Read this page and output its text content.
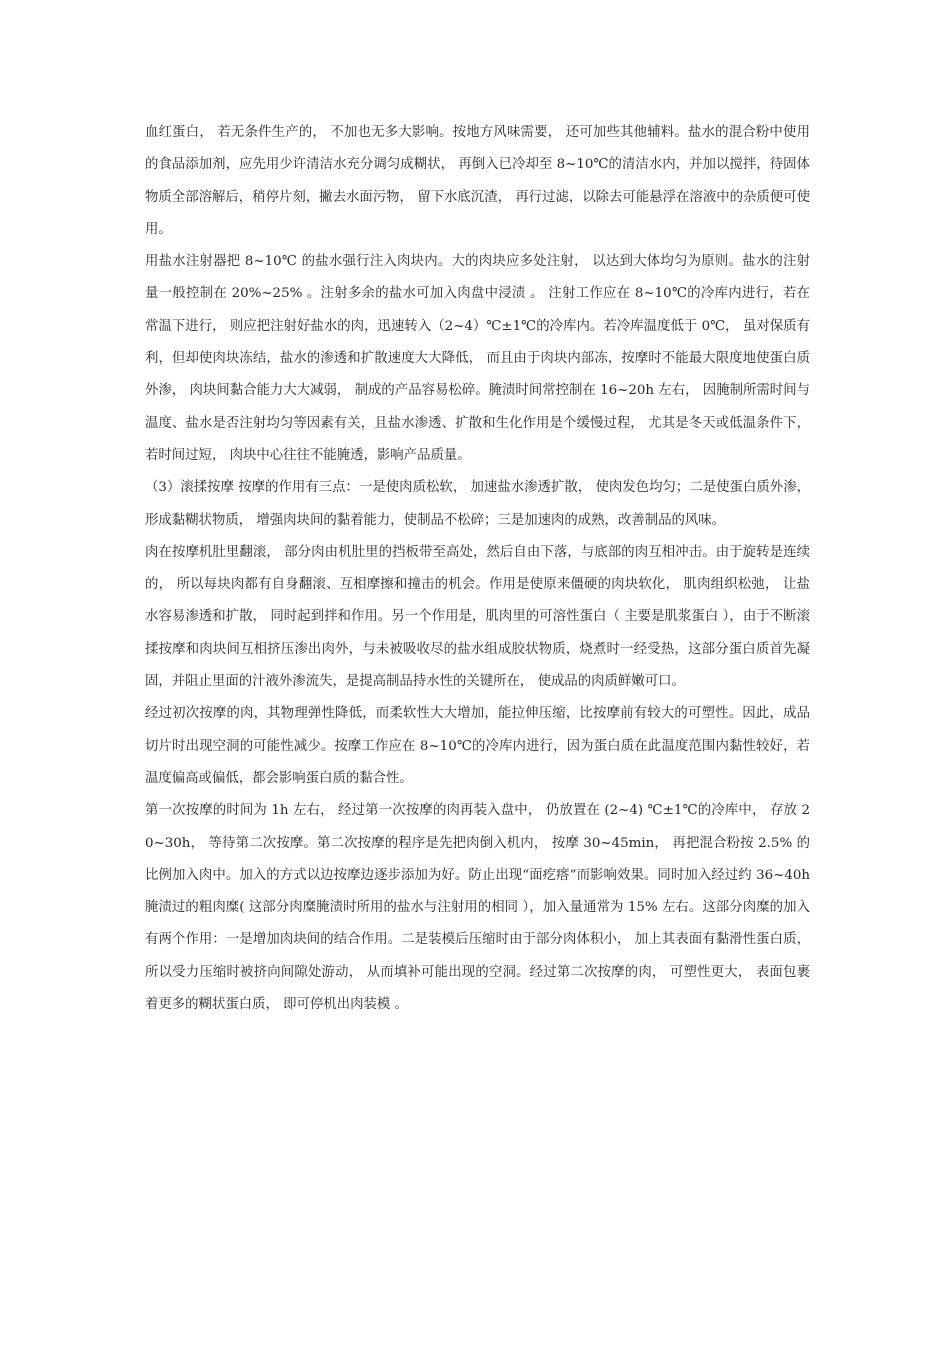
血红蛋白， 若无条件生产的， 不加也无多大影响。按地方风味需要， 还可加些其他辅料。盐水的混合粉中使用的食品添加剂，应先用少许清洁水充分调匀成糊状， 再倒入已冷却至 8~10℃的清洁水内，并加以搅拌，待固体物质全部溶解后，稍停片刻，撇去水面污物， 留下水底沉渣， 再行过滤，以除去可能悬浮在溶液中的杂质便可使用。

用盐水注射器把 8~10℃ 的盐水强行注入肉块内。大的肉块应多处注射， 以达到大体均匀为原则。盐水的注射量一般控制在 20%~25% 。注射多余的盐水可加入肉盘中浸渍 。 注射工作应在 8~10℃的冷库内进行，若在常温下进行， 则应把注射好盐水的肉，迅速转入（2~4）℃±1℃的冷库内。若冷库温度低于 0℃， 虽对保质有利，但却使肉块冻结，盐水的渗透和扩散速度大大降低， 而且由于肉块内部冻，按摩时不能最大限度地使蛋白质外渗， 肉块间黏合能力大大减弱， 制成的产品容易松碎。腌渍时间常控制在 16~20h 左右， 因腌制所需时间与温度、盐水是否注射均匀等因素有关，且盐水渗透、扩散和生化作用是个缓慢过程， 尤其是冬天或低温条件下， 若时间过短， 肉块中心往往不能腌透，影响产品质量。

（3）滚揉按摩 按摩的作用有三点：一是使肉质松软， 加速盐水渗透扩散， 使肉发色均匀；二是使蛋白质外渗，形成黏糊状物质， 增强肉块间的黏着能力，使制品不松碎；三是加速肉的成熟，改善制品的风味。

肉在按摩机肚里翻滚， 部分肉由机肚里的挡板带至高处，然后自由下落，与底部的肉互相冲击。由于旋转是连续的， 所以每块肉都有自身翻滚、互相摩擦和撞击的机会。作用是使原来僵硬的肉块软化， 肌肉组织松弛， 让盐水容易渗透和扩散， 同时起到拌和作用。另一个作用是，肌肉里的可溶性蛋白（ 主要是肌浆蛋白 ），由于不断滚揉按摩和肉块间互相挤压渗出肉外，与未被吸收尽的盐水组成胶状物质，烧煮时一经受热，这部分蛋白质首先凝固，并阻止里面的汁液外渗流失，是提高制品持水性的关键所在， 使成品的肉质鲜嫩可口。

经过初次按摩的肉，其物理弹性降低，而柔软性大大增加，能拉伸压缩，比按摩前有较大的可塑性。因此，成品切片时出现空洞的可能性减少。按摩工作应在 8~10℃的冷库内进行，因为蛋白质在此温度范围内黏性较好，若温度偏高或偏低，都会影响蛋白质的黏合性。

第一次按摩的时间为 1h 左右， 经过第一次按摩的肉再装入盘中， 仍放置在 (2~4) ℃±1℃的冷库中， 存放 20~30h， 等待第二次按摩。第二次按摩的程序是先把肉倒入机内， 按摩 30~45min， 再把混合粉按 2.5% 的比例加入肉中。加入的方式以边按摩边逐步添加为好。防止出现“面疙瘩”而影响效果。同时加入经过约 36~40h 腌渍过的粗肉糜( 这部分肉糜腌渍时所用的盐水与注射用的相同 ），加入量通常为 15% 左右。这部分肉糜的加入有两个作用：一是增加肉块间的结合作用。二是装模后压缩时由于部分肉体积小， 加上其表面有黏滑性蛋白质， 所以受力压缩时被挤向间隙处游动， 从而填补可能出现的空洞。经过第二次按摩的肉， 可塑性更大， 表面包裹着更多的糊状蛋白质， 即可停机出肉装模 。
